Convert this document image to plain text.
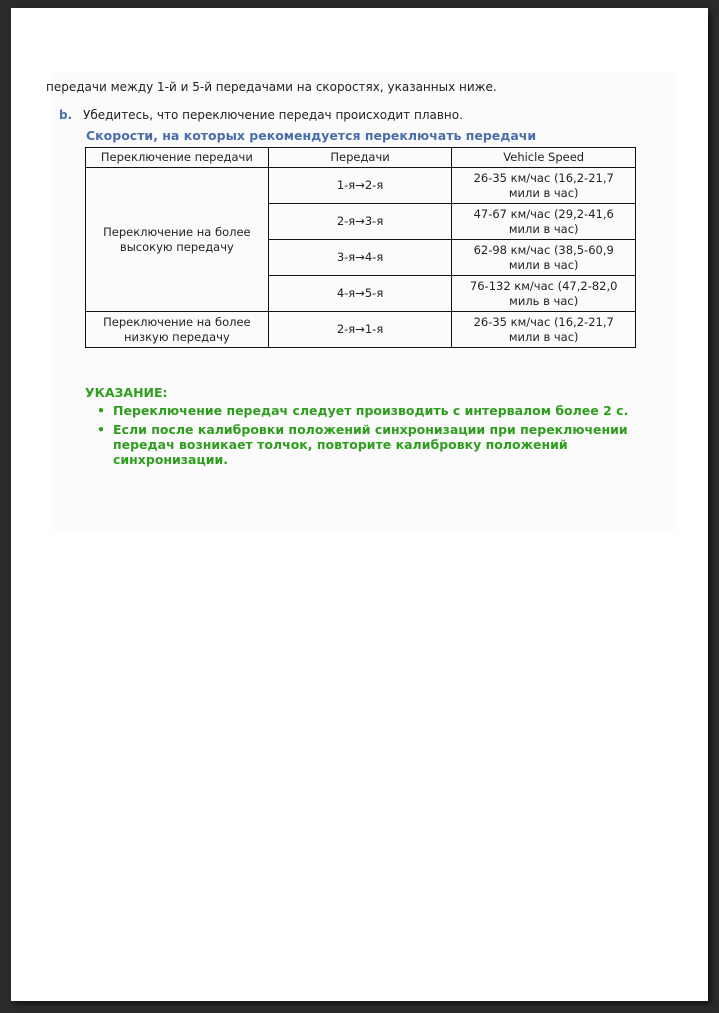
передачи между 1-й и 5-й передачами на скоростях, указанных ниже.

b. Убедитесь, что переключение передач происходит плавно.

Скорости, на которых рекомендуется переключать передачи

Переключение передачи	Передачи	Vehicle Speed
Переключение на более высокую передачу	1-я→2-я	26-35 км/час (16,2-21,7 мили в час)
	2-я→3-я	47-67 км/час (29,2-41,6 мили в час)
	3-я→4-я	62-98 км/час (38,5-60,9 мили в час)
	4-я→5-я	76-132 км/час (47,2-82,0 миль в час)
Переключение на более низкую передачу	2-я→1-я	26-35 км/час (16,2-21,7 мили в час)

УКАЗАНИЕ:

• Переключение передач следует производить с интервалом более 2 с.
• Если после калибровки положений синхронизации при переключении передач возникает толчок, повторите калибровку положений синхронизации.
